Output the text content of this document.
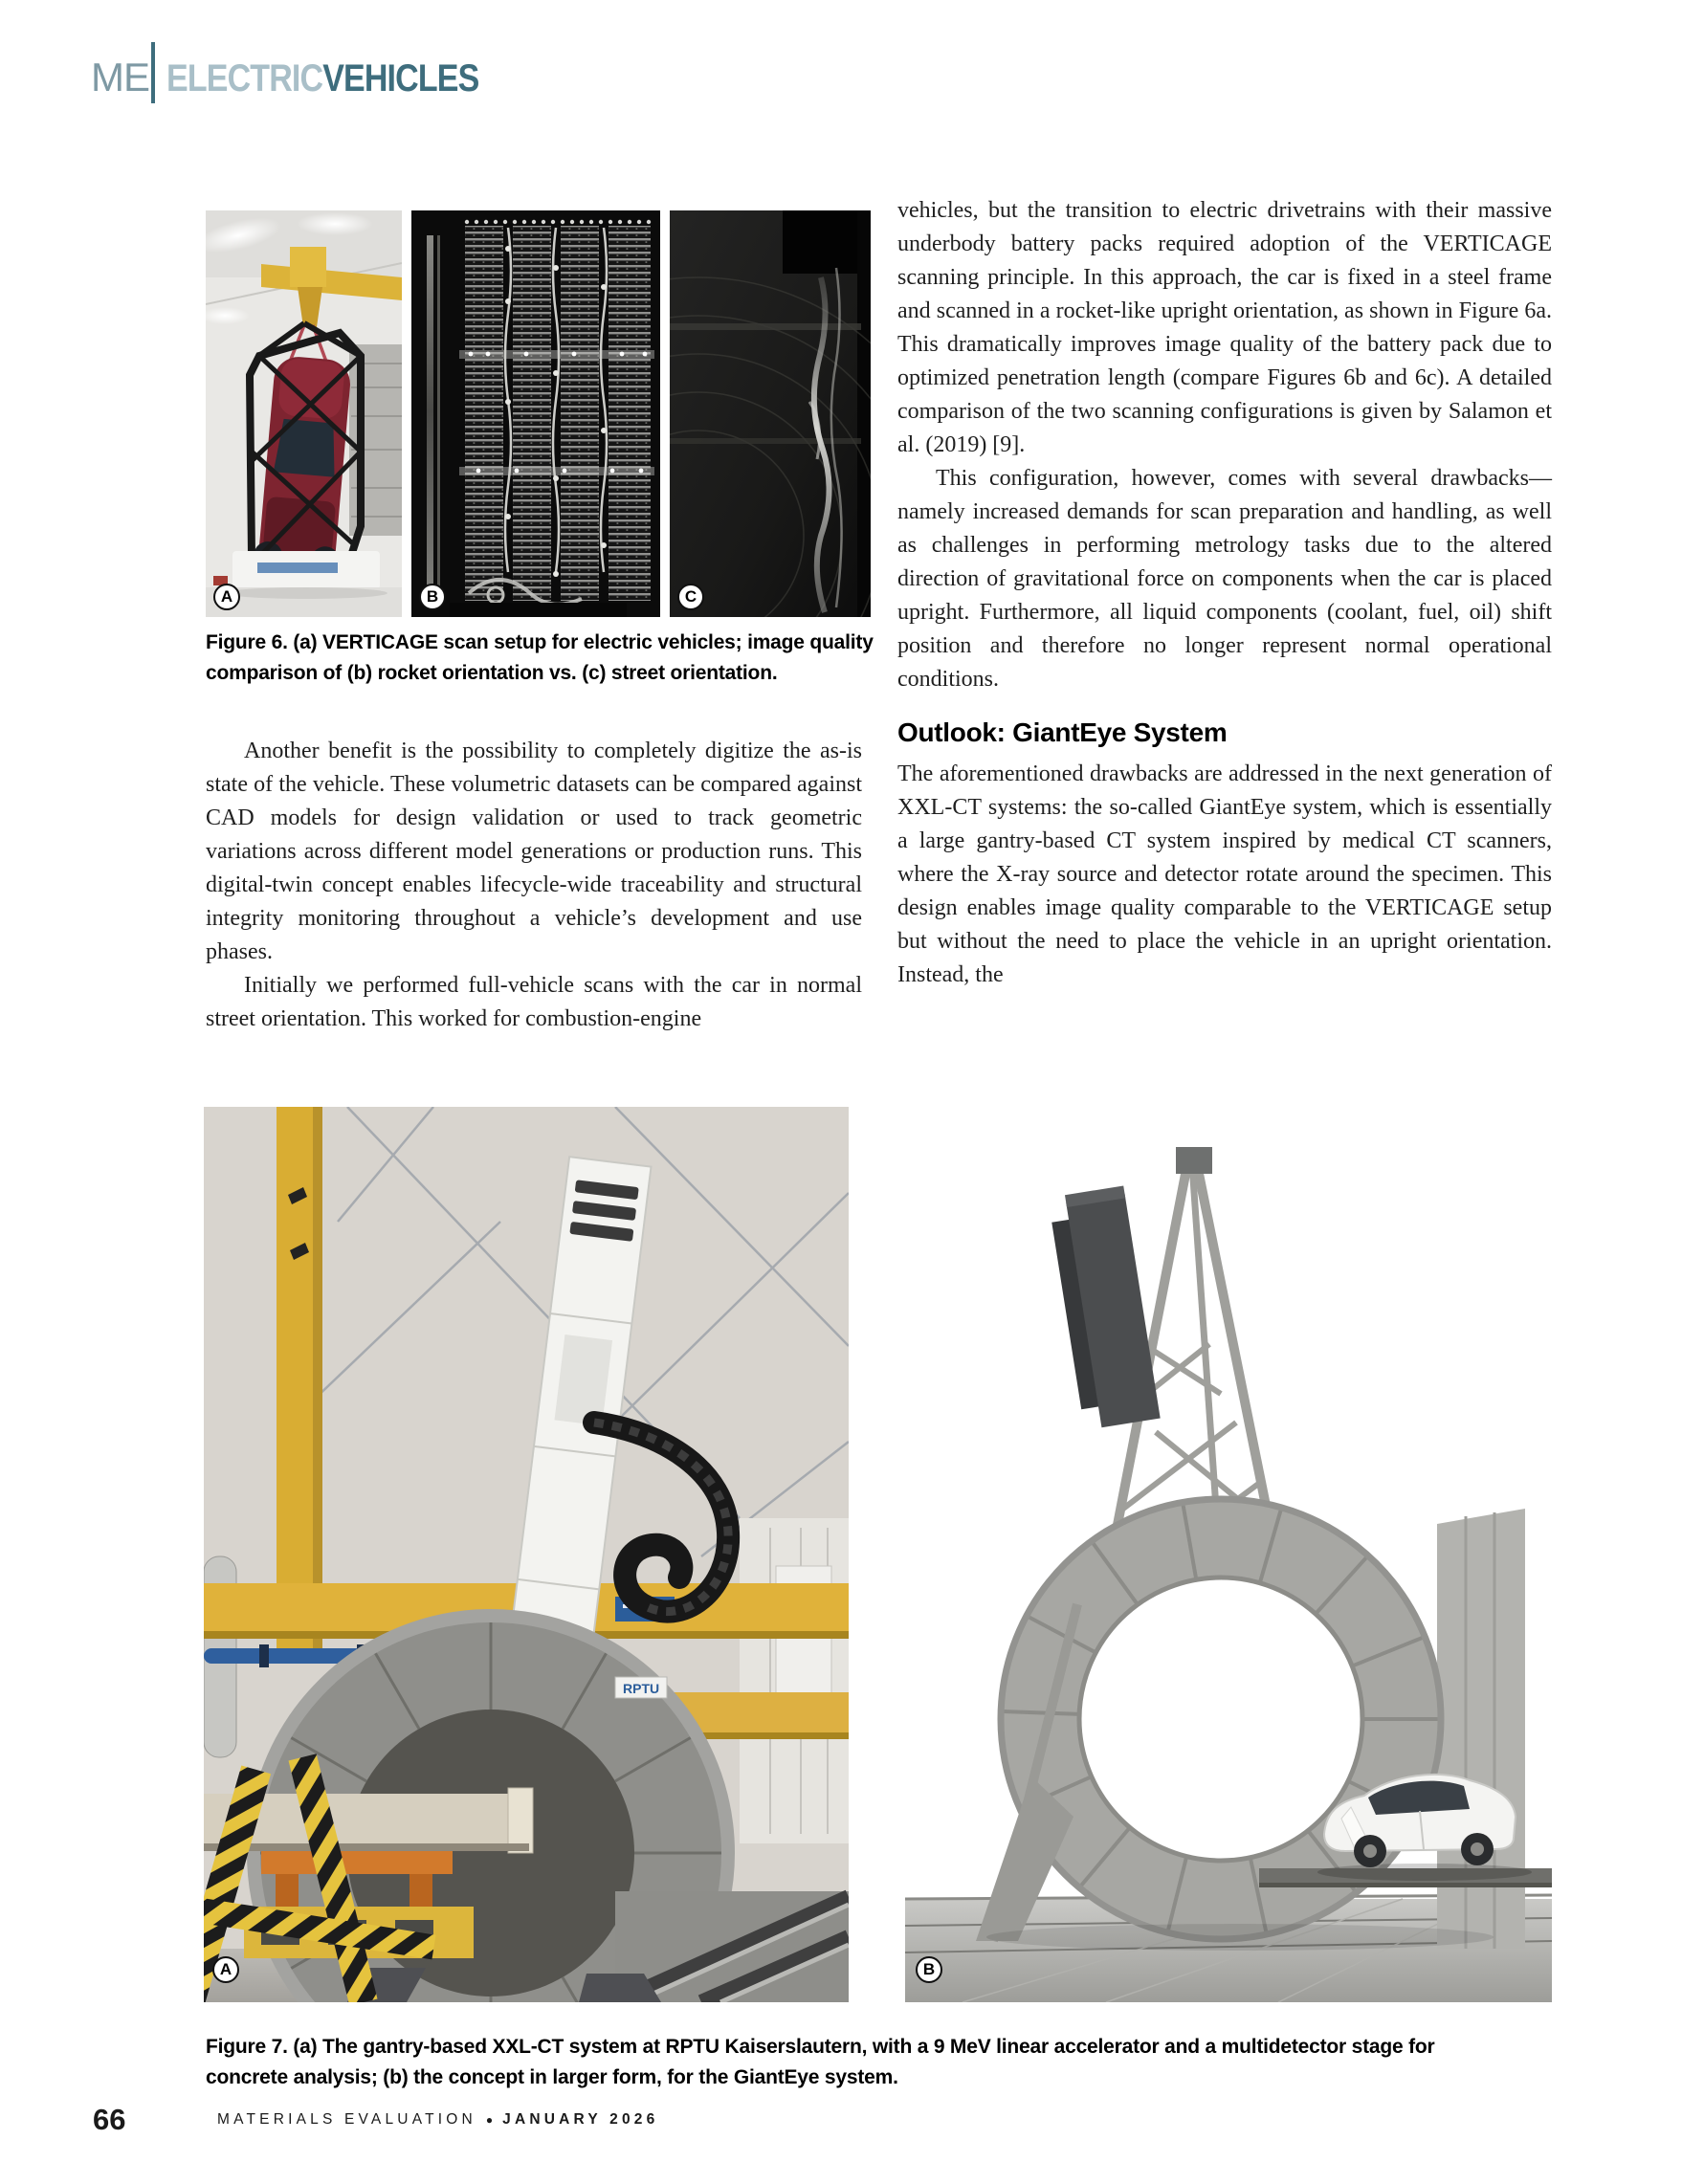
ME ELECTRICVEHICLES
A	B	C
Figure 6. (a) VERTICAGE scan setup for electric vehicles; image quality comparison of (b) rocket orientation vs. (c) street orientation.

Another benefit is the possibility to completely digitize the as-is state of the vehicle. These volumetric datasets can be compared against CAD models for design validation or used to track geometric variations across different model generations or production runs. This digital-twin concept enables lifecycle-wide traceability and structural integrity monitoring throughout a vehicle’s development and use phases.

Initially we performed full-vehicle scans with the car in normal street orientation. This worked for combustion-engine

vehicles, but the transition to electric drivetrains with their massive underbody battery packs required adoption of the VERTICAGE scanning principle. In this approach, the car is fixed in a steel frame and scanned in a rocket-like upright orientation, as shown in Figure 6a. This dramatically improves image quality of the battery pack due to optimized penetration length (compare Figures 6b and 6c). A detailed comparison of the two scanning configurations is given by Salamon et al. (2019) [9].

This configuration, however, comes with several drawbacks—namely increased demands for scan preparation and handling, as well as challenges in performing metrology tasks due to the altered direction of gravitational force on components when the car is placed upright. Furthermore, all liquid components (coolant, fuel, oil) shift position and therefore no longer represent normal operational conditions.

Outlook: GiantEye System

The aforementioned drawbacks are addressed in the next generation of XXL-CT systems: the so-called GiantEye system, which is essentially a large gantry-based CT system inspired by medical CT scanners, where the X-ray source and detector rotate around the specimen. This design enables image quality comparable to the VERTICAGE setup but without the need to place the vehicle in an upright orientation. Instead, the

RPTU
A	B
Figure 7. (a) The gantry-based XXL-CT system at RPTU Kaiserslautern, with a 9 MeV linear accelerator and a multidetector stage for concrete analysis; (b) the concept in larger form, for the GiantEye system.
66	MATERIALS EVALUATION ● JANUARY 2026
